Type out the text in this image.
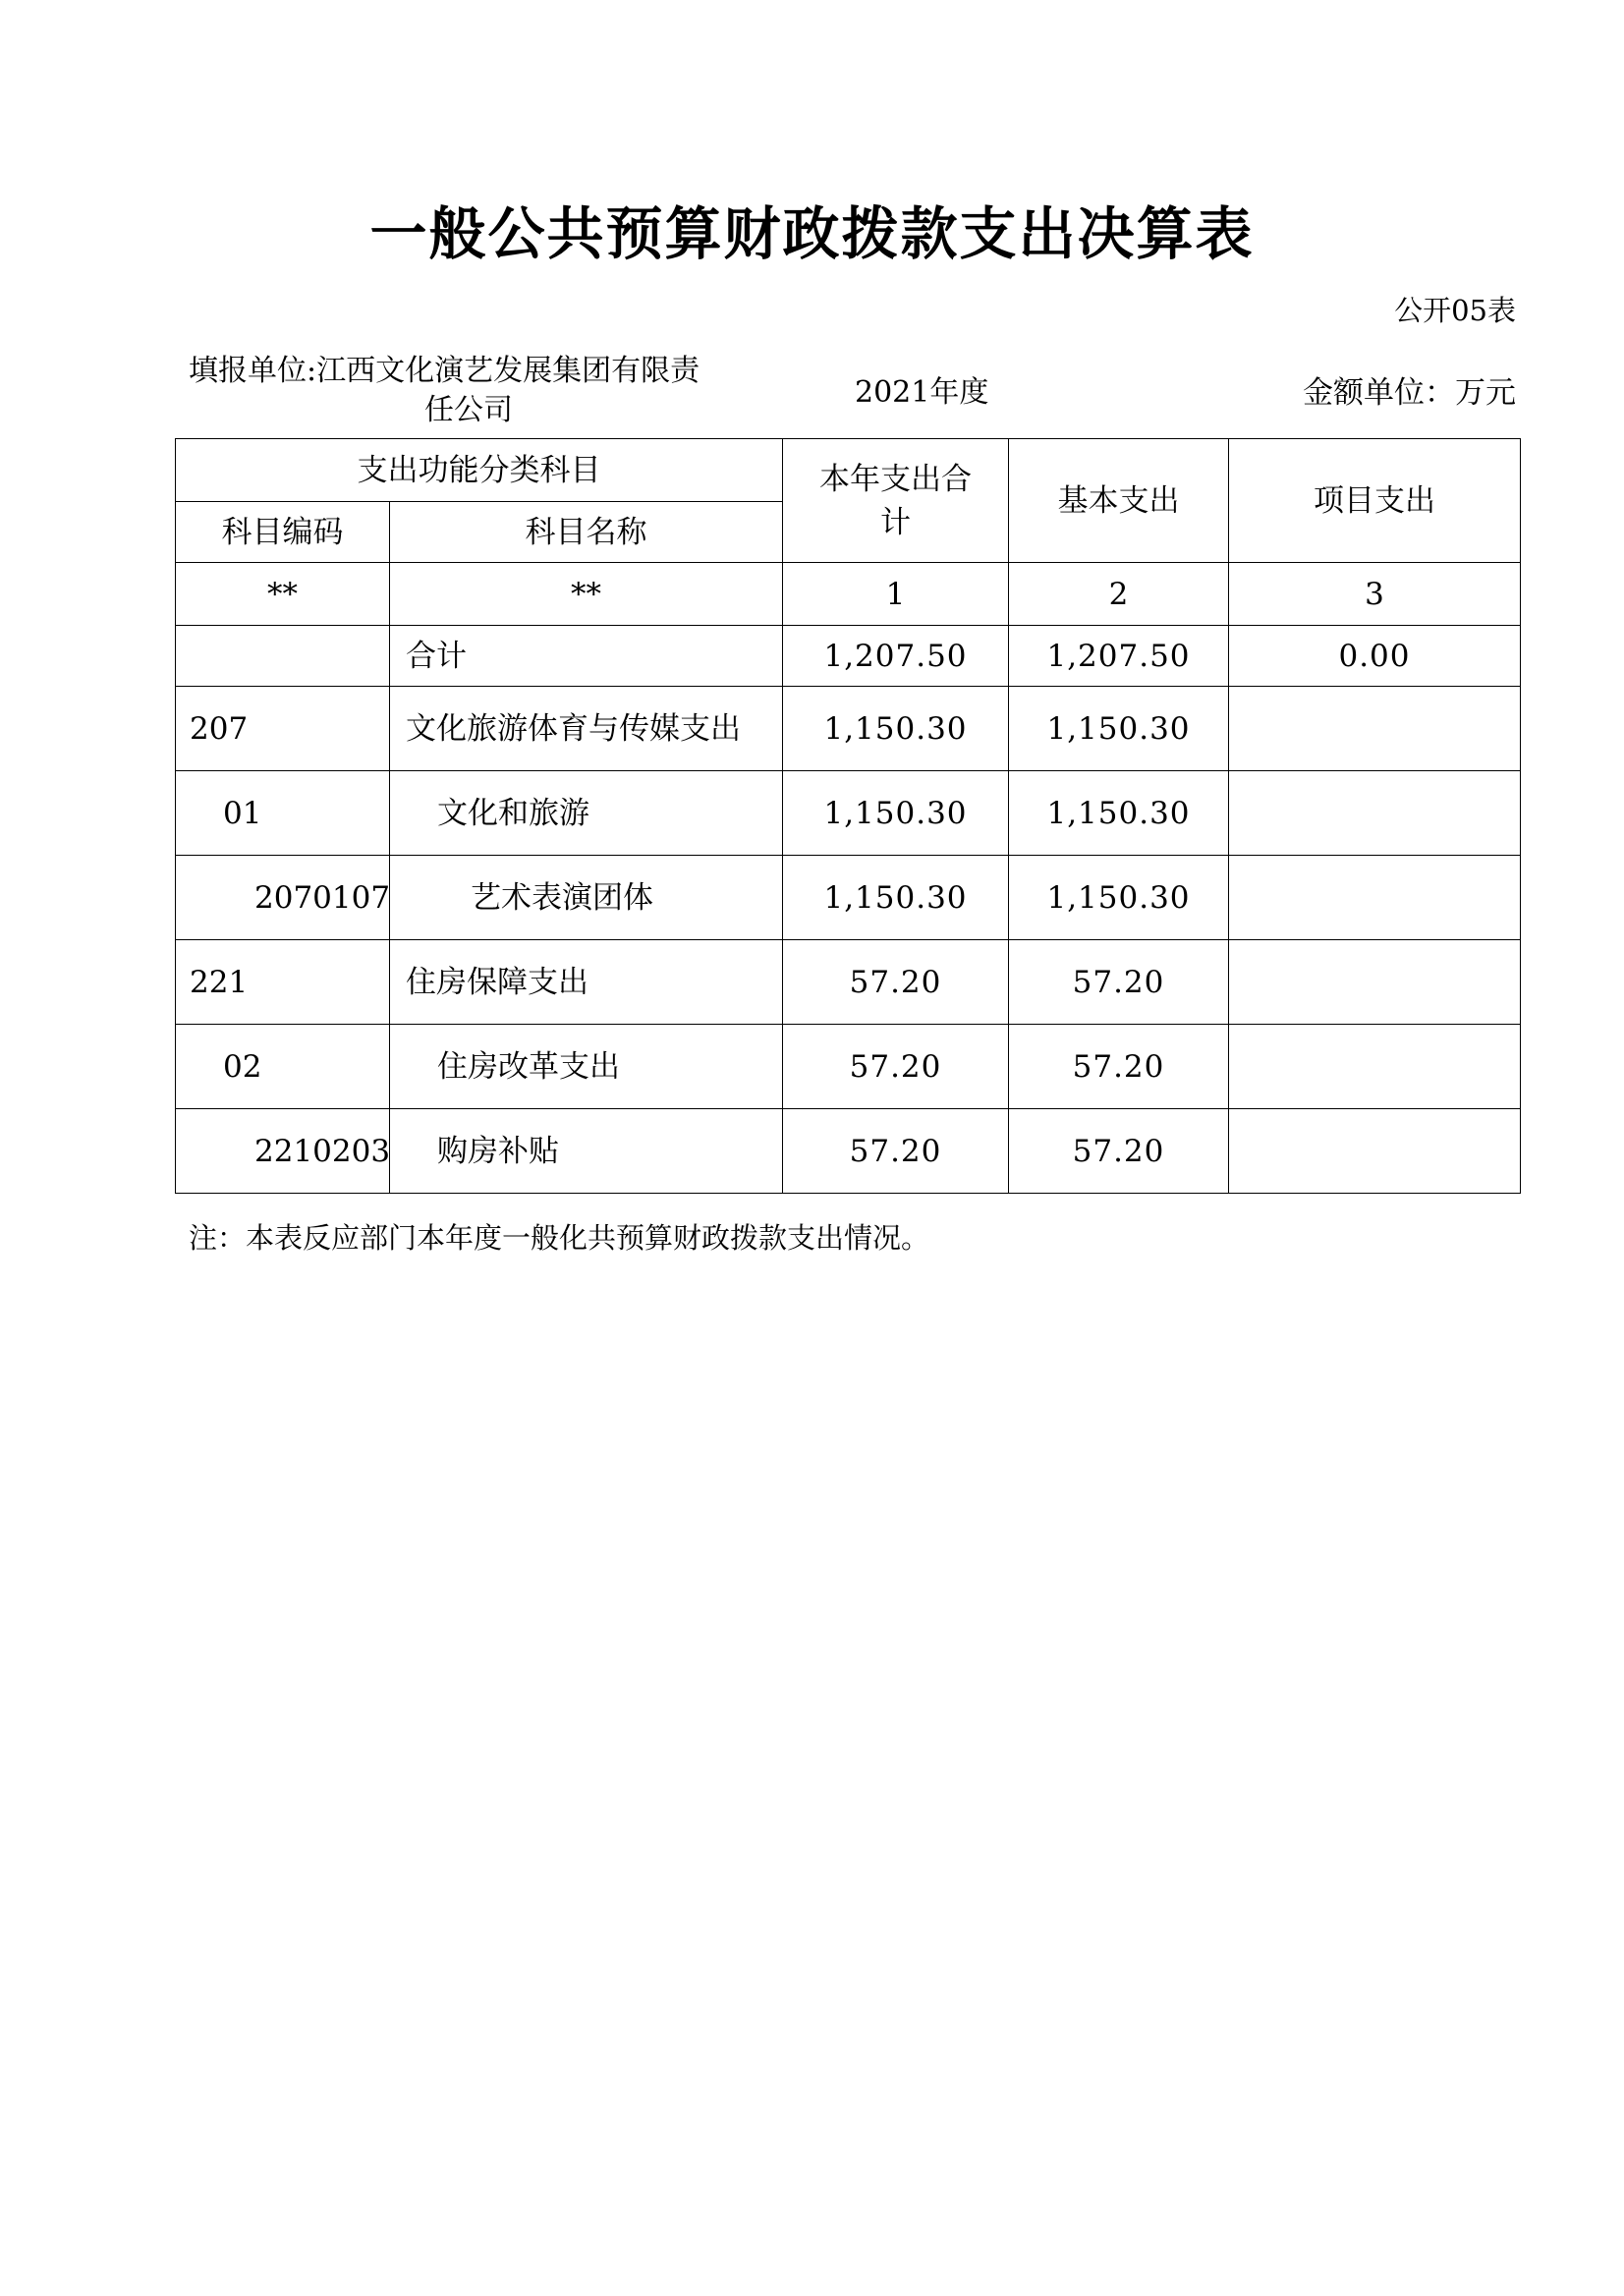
一般公共预算财政拨款支出决算表
公开05表
填报单位:江西文化演艺发展集团有限责
任公司
2021年度	金额单位：万元
支出功能分类科目		本年支出合计	基本支出	项目支出
科目编码	科目名称			
**	**	1	2	3
	合计	1,207.50	1,207.50	0.00
207	文化旅游体育与传媒支出	1,150.30	1,150.30	
01	文化和旅游	1,150.30	1,150.30	
2070107	艺术表演团体	1,150.30	1,150.30	
221	住房保障支出	57.20	57.20	
02	住房改革支出	57.20	57.20	
2210203	购房补贴	57.20	57.20	
注：本表反应部门本年度一般化共预算财政拨款支出情况。
